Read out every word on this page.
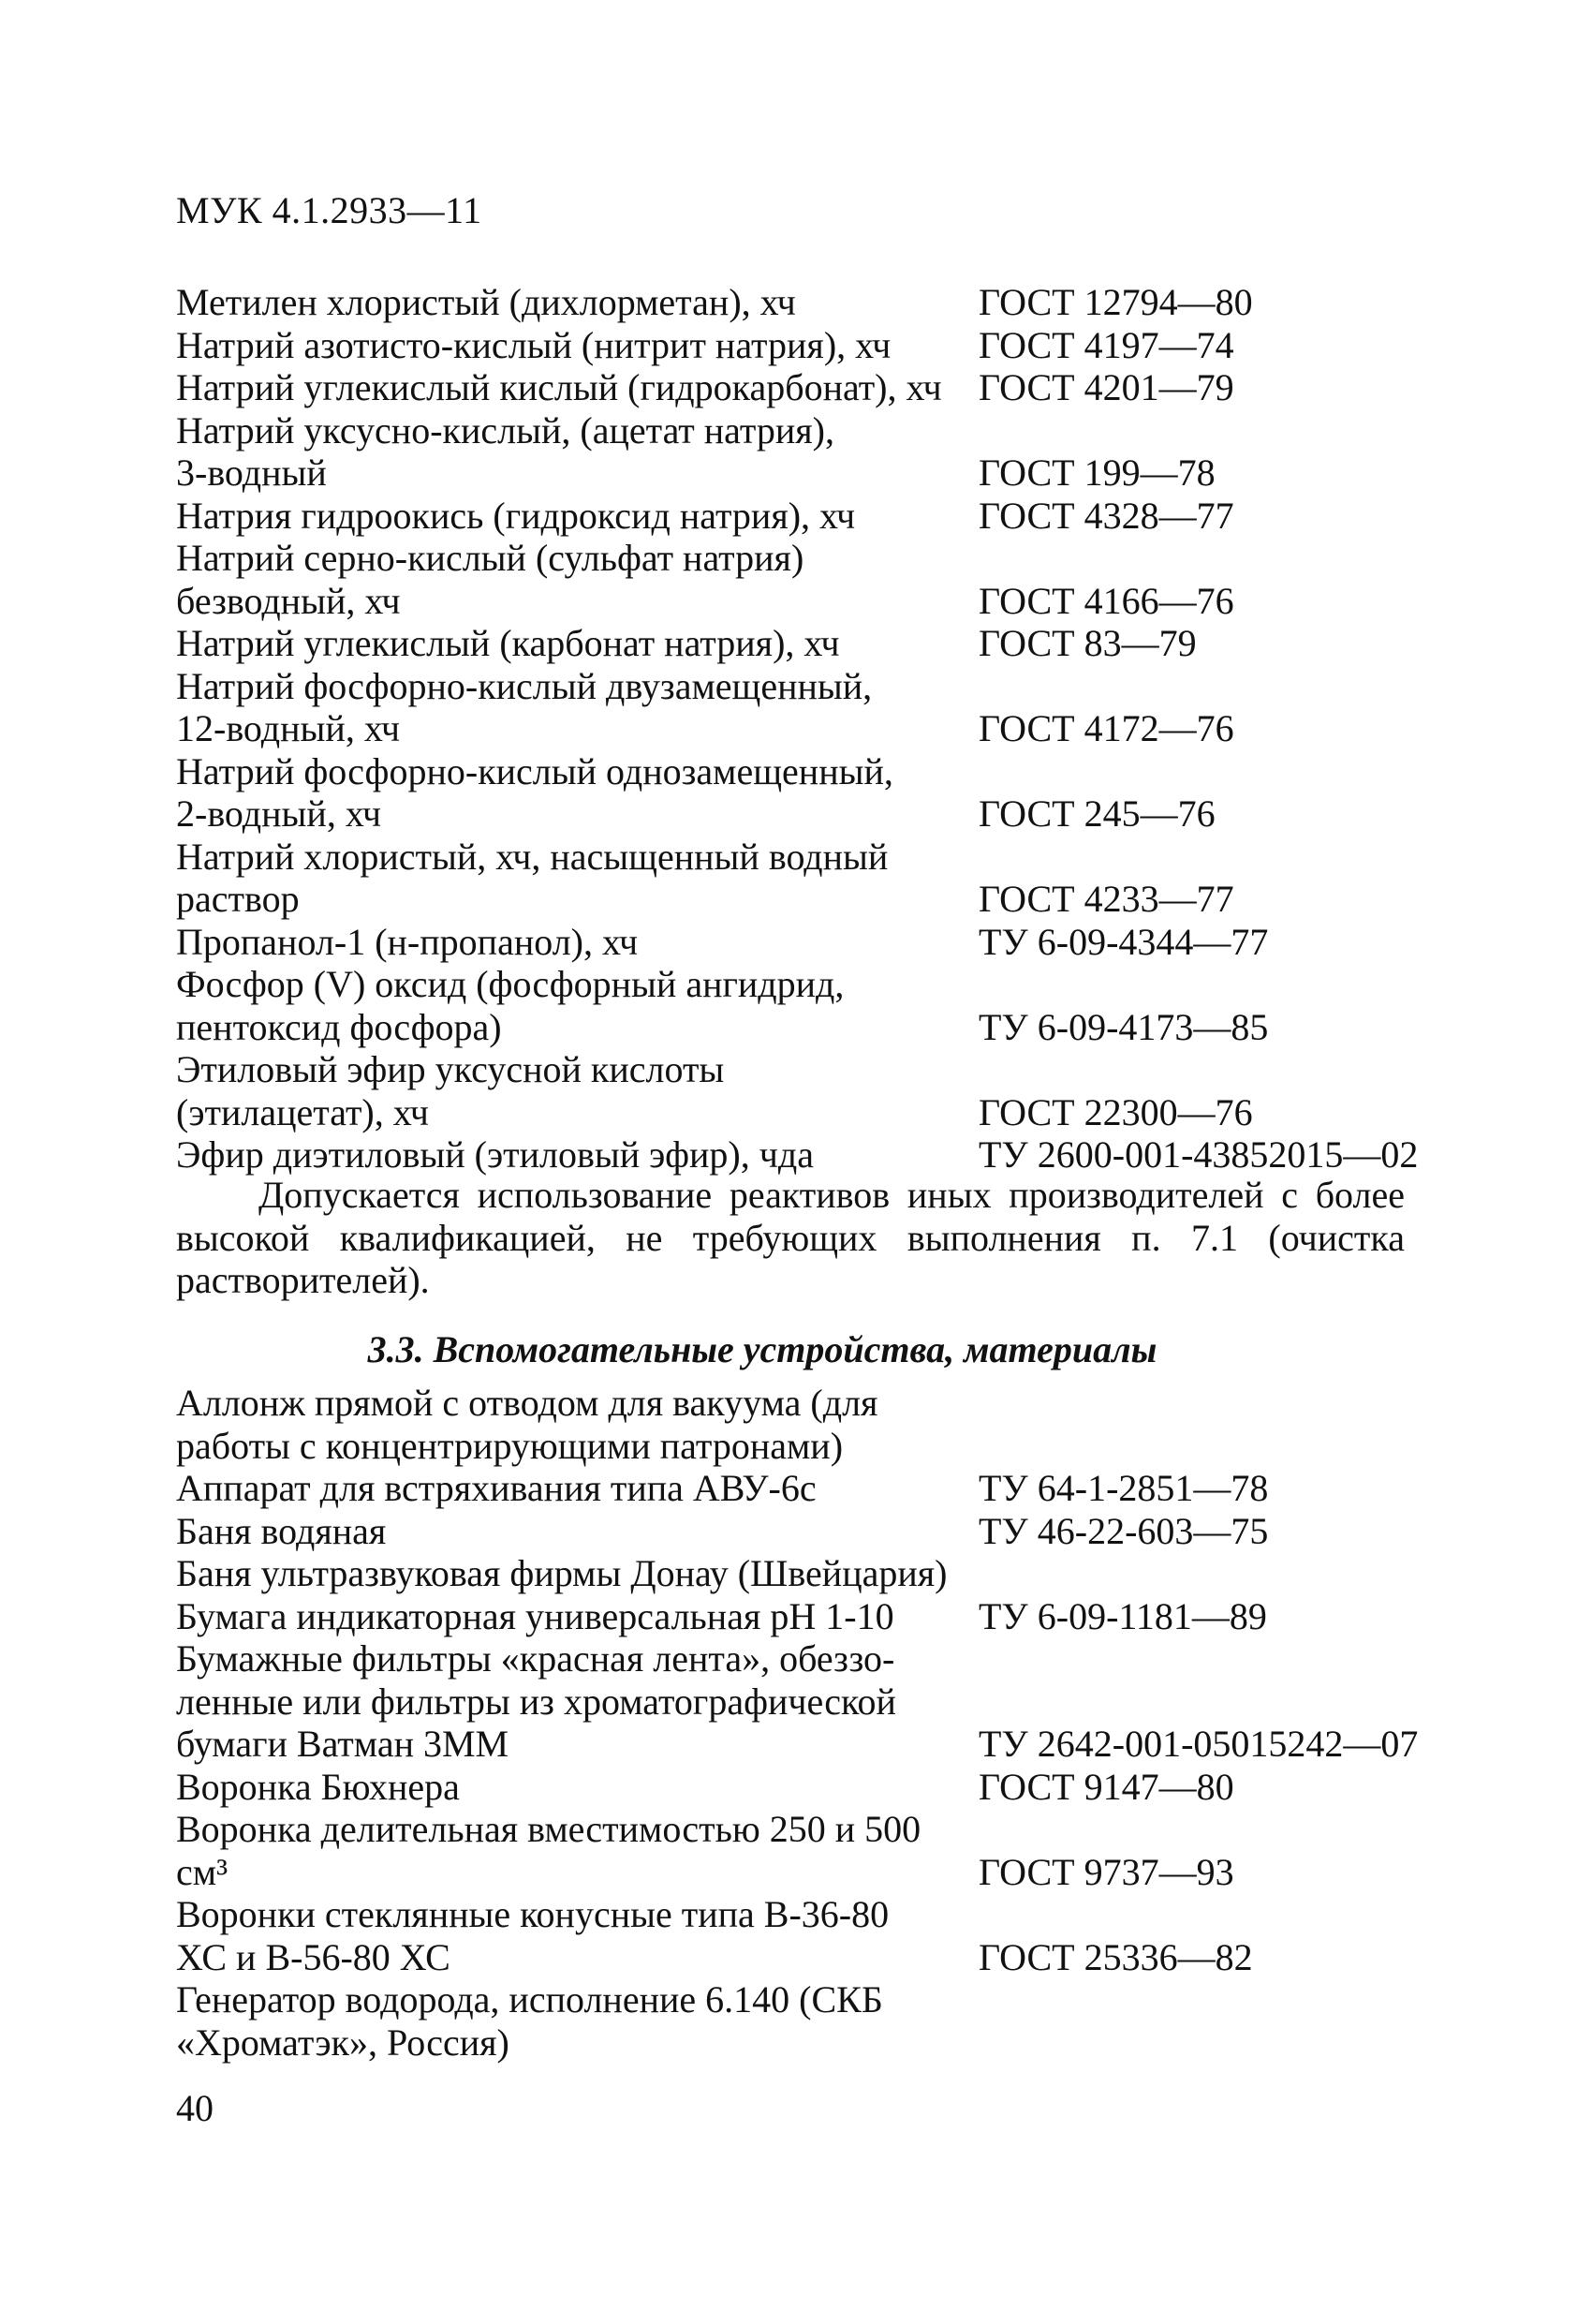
МУК 4.1.2933—11
Метилен хлористый (дихлорметан), хч	ГОСТ 12794—80
Натрий азотисто-кислый (нитрит натрия), хч	ГОСТ 4197—74
Натрий углекислый кислый (гидрокарбонат), хч ГОСТ 4201—79
Натрий уксусно-кислый, (ацетат натрия),
3-водный	ГОСТ 199—78
Натрия гидроокись (гидроксид натрия), хч	ГОСТ 4328—77
Натрий серно-кислый (сульфат натрия)
безводный, хч	ГОСТ 4166—76
Натрий углекислый (карбонат натрия), хч	ГОСТ 83—79
Натрий фосфорно-кислый двузамещенный,
12-водный, хч	ГОСТ 4172—76
Натрий фосфорно-кислый однозамещенный,
2-водный, хч	ГОСТ 245—76
Натрий хлористый, хч, насыщенный водный
раствор	ГОСТ 4233—77
Пропанол-1 (н-пропанол), хч	ТУ 6-09-4344—77
Фосфор (V) оксид (фосфорный ангидрид,
пентоксид фосфора)	ТУ 6-09-4173—85
Этиловый эфир уксусной кислоты
(этилацетат), хч	ГОСТ 22300—76
Эфир диэтиловый (этиловый эфир), чда	ТУ 2600-001-43852015—02
Допускается использование реактивов иных производителей с более высокой квалификацией, не требующих выполнения п. 7.1 (очистка растворителей).
3.3. Вспомогательные устройства, материалы
Аллонж прямой с отводом для вакуума (для
работы с концентрирующими патронами)
Аппарат для встряхивания типа АВУ-6с	ТУ 64-1-2851—78
Баня водяная	ТУ 46-22-603—75
Баня ультразвуковая фирмы Донау (Швейцария)
Бумага индикаторная универсальная рН 1-10	ТУ 6-09-1181—89
Бумажные фильтры «красная лента», обеззо-
ленные или фильтры из хроматографической
бумаги Ватман 3ММ	ТУ 2642-001-05015242—07
Воронка Бюхнера	ГОСТ 9147—80
Воронка делительная вместимостью 250 и 500 см³	ГОСТ 9737—93
Воронки стеклянные конусные типа В-36-80
ХС и В-56-80 ХС	ГОСТ 25336—82
Генератор водорода, исполнение 6.140 (СКБ
«Хроматэк», Россия)
40
